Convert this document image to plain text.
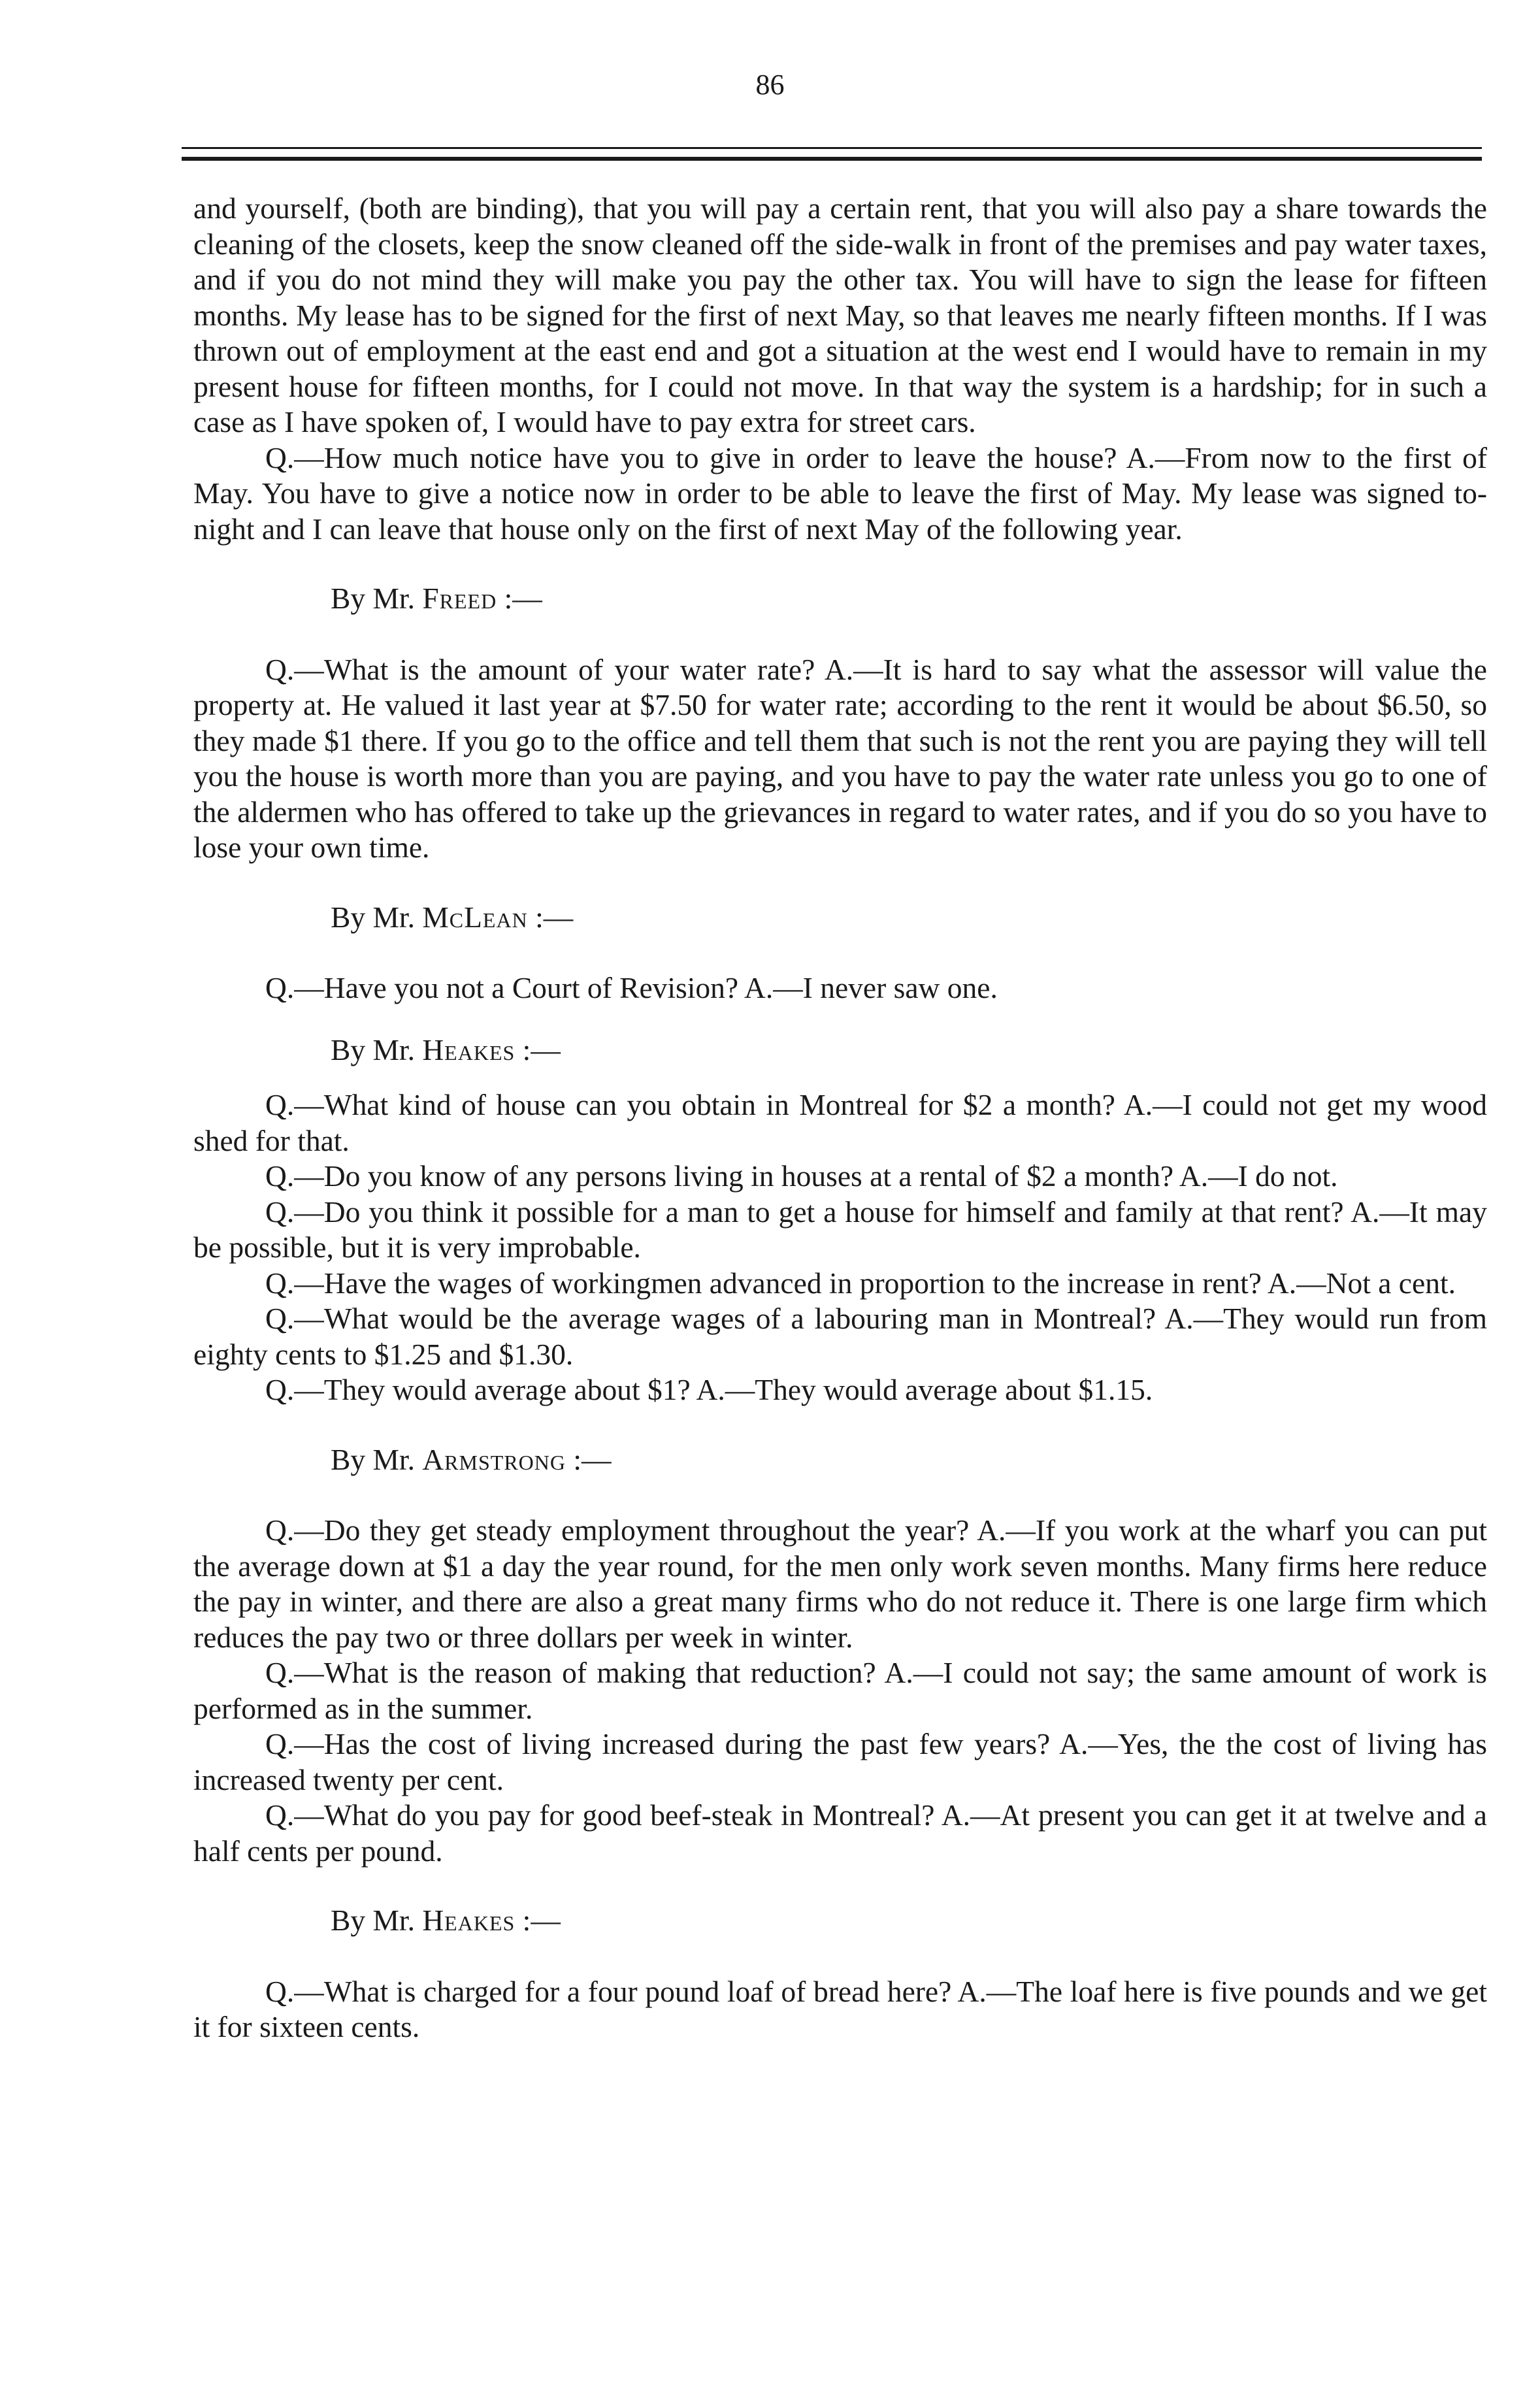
86

and yourself, (both are binding), that you will pay a certain rent, that you will also pay a share towards the cleaning of the closets, keep the snow cleaned off the side-walk in front of the premises and pay water taxes, and if you do not mind they will make you pay the other tax. You will have to sign the lease for fifteen months. My lease has to be signed for the first of next May, so that leaves me nearly fifteen months. If I was thrown out of employment at the east end and got a situation at the west end I would have to remain in my present house for fifteen months, for I could not move. In that way the system is a hardship; for in such a case as I have spoken of, I would have to pay extra for street cars.

Q.—How much notice have you to give in order to leave the house? A.—From now to the first of May. You have to give a notice now in order to be able to leave the first of May. My lease was signed to-night and I can leave that house only on the first of next May of the following year.

By Mr. Freed :—

Q.—What is the amount of your water rate? A.—It is hard to say what the assessor will value the property at. He valued it last year at $7.50 for water rate; according to the rent it would be about $6.50, so they made $1 there. If you go to the office and tell them that such is not the rent you are paying they will tell you the house is worth more than you are paying, and you have to pay the water rate unless you go to one of the aldermen who has offered to take up the grievances in regard to water rates, and if you do so you have to lose your own time.

By Mr. McLean :—

Q.—Have you not a Court of Revision? A.—I never saw one.

By Mr. Heakes :—

Q.—What kind of house can you obtain in Montreal for $2 a month? A.—I could not get my wood shed for that.

Q.—Do you know of any persons living in houses at a rental of $2 a month? A.—I do not.

Q.—Do you think it possible for a man to get a house for himself and family at that rent? A.—It may be possible, but it is very improbable.

Q.—Have the wages of workingmen advanced in proportion to the increase in rent? A.—Not a cent.

Q.—What would be the average wages of a labouring man in Montreal? A.—They would run from eighty cents to $1.25 and $1.30.

Q.—They would average about $1? A.—They would average about $1.15.

By Mr. Armstrong :—

Q.—Do they get steady employment throughout the year? A.—If you work at the wharf you can put the average down at $1 a day the year round, for the men only work seven months. Many firms here reduce the pay in winter, and there are also a great many firms who do not reduce it. There is one large firm which reduces the pay two or three dollars per week in winter.

Q.—What is the reason of making that reduction? A.—I could not say; the same amount of work is performed as in the summer.

Q.—Has the cost of living increased during the past few years? A.—Yes, the the cost of living has increased twenty per cent.

Q.—What do you pay for good beef-steak in Montreal? A.—At present you can get it at twelve and a half cents per pound.

By Mr. Heakes :—

Q.—What is charged for a four pound loaf of bread here? A.—The loaf here is five pounds and we get it for sixteen cents.
